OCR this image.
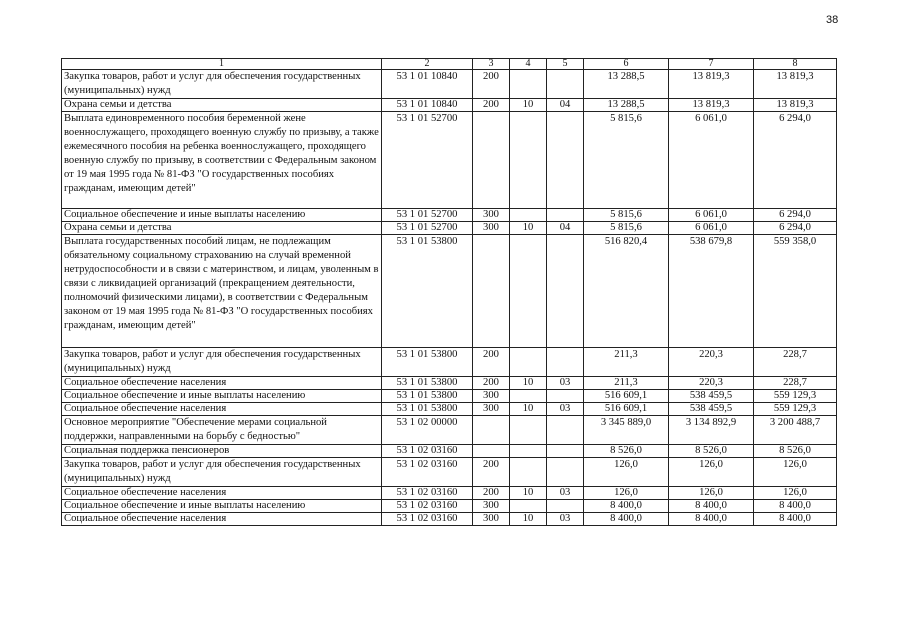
38
1	2	3	4	5	6	7	8
Закупка товаров, работ и услуг для обеспечения государственных (муниципальных) нужд	53 1 01 10840	200			13 288,5	13 819,3	13 819,3
Охрана семьи и детства	53 1 01 10840	200	10	04	13 288,5	13 819,3	13 819,3
Выплата единовременного пособия беременной жене военнослужащего, проходящего военную службу по призыву, а также ежемесячного пособия на ребенка военнослужащего, проходящего военную службу по призыву, в соответствии с Федеральным законом от 19 мая 1995 года № 81-ФЗ "О государственных пособиях гражданам, имеющим детей"	53 1 01 52700				5 815,6	6 061,0	6 294,0
Социальное обеспечение и иные выплаты населению	53 1 01 52700	300			5 815,6	6 061,0	6 294,0
Охрана семьи и детства	53 1 01 52700	300	10	04	5 815,6	6 061,0	6 294,0
Выплата государственных пособий лицам, не подлежащим обязательному социальному страхованию на случай временной нетрудоспособности и в связи с материнством, и лицам, уволенным в связи с ликвидацией организаций (прекращением деятельности, полномочий физическими лицами), в соответствии с Федеральным законом от 19 мая 1995 года № 81-ФЗ "О государственных пособиях гражданам, имеющим детей"	53 1 01 53800				516 820,4	538 679,8	559 358,0
Закупка товаров, работ и услуг для обеспечения государственных (муниципальных) нужд	53 1 01 53800	200			211,3	220,3	228,7
Социальное обеспечение населения	53 1 01 53800	200	10	03	211,3	220,3	228,7
Социальное обеспечение и иные выплаты населению	53 1 01 53800	300			516 609,1	538 459,5	559 129,3
Социальное обеспечение населения	53 1 01 53800	300	10	03	516 609,1	538 459,5	559 129,3
Основное мероприятие "Обеспечение мерами социальной поддержки, направленными на борьбу с бедностью"	53 1 02 00000				3 345 889,0	3 134 892,9	3 200 488,7
Социальная поддержка пенсионеров	53 1 02 03160				8 526,0	8 526,0	8 526,0
Закупка товаров, работ и услуг для обеспечения государственных (муниципальных) нужд	53 1 02 03160	200			126,0	126,0	126,0
Социальное обеспечение населения	53 1 02 03160	200	10	03	126,0	126,0	126,0
Социальное обеспечение и иные выплаты населению	53 1 02 03160	300			8 400,0	8 400,0	8 400,0
Социальное обеспечение населения	53 1 02 03160	300	10	03	8 400,0	8 400,0	8 400,0
